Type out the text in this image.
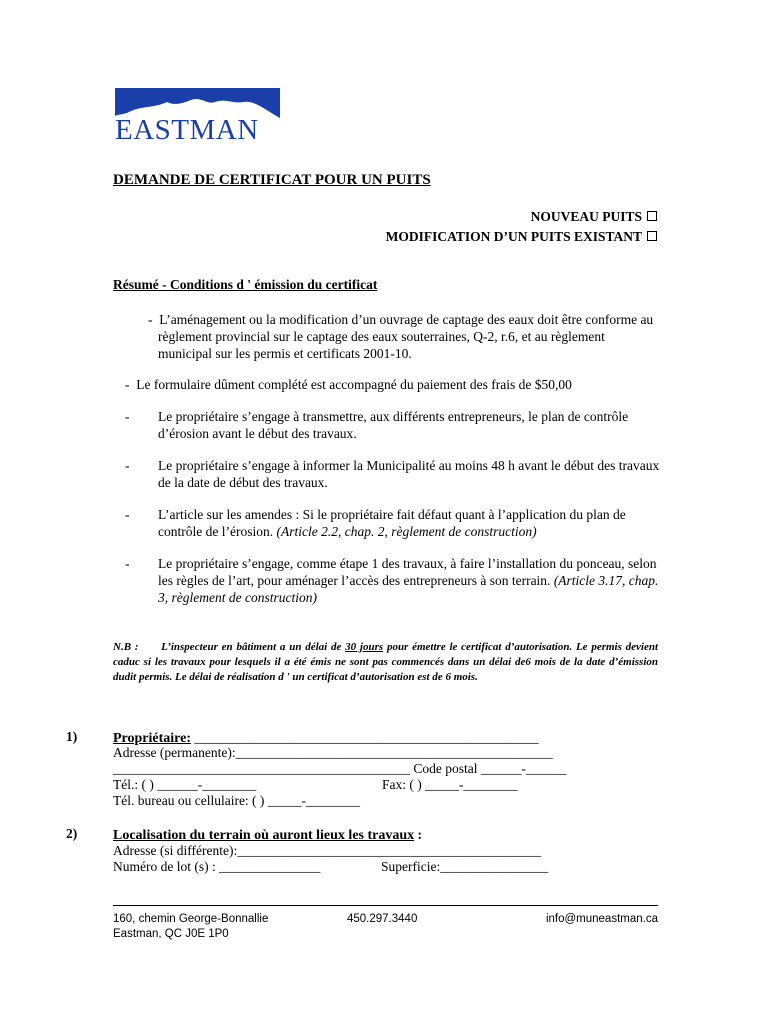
EASTMAN
DEMANDE DE CERTIFICAT POUR UN PUITS
NOUVEAU PUITS
MODIFICATION D’UN PUITS EXISTANT
Résumé - Conditions d ' émission du certificat
- L’aménagement ou la modification d’un ouvrage de captage des eaux doit être conforme au règlement provincial sur le captage des eaux souterraines, Q-2, r.6, et au règlement municipal sur les permis et certificats 2001-10.
- Le formulaire dûment complété est accompagné du paiement des frais de $50,00
- Le propriétaire s’engage à transmettre, aux différents entrepreneurs, le plan de contrôle d’érosion avant le début des travaux.
- Le propriétaire s’engage à informer la Municipalité au moins 48 h avant le début des travaux de la date de début des travaux.
- L’article sur les amendes : Si le propriétaire fait défaut quant à l’application du plan de contrôle de l’érosion. (Article 2.2, chap. 2, règlement de construction)
- Le propriétaire s’engage, comme étape 1 des travaux, à faire l’installation du ponceau, selon les règles de l’art, pour aménager l’accès des entrepreneurs à son terrain. (Article 3.17, chap. 3, règlement de construction)
N.B : L’inspecteur en bâtiment a un délai de 30 jours pour émettre le certificat d’autorisation. Le permis devient caduc si les travaux pour lesquels il a été émis ne sont pas commencés dans un délai de6 mois de la date d’émission dudit permis. Le délai de réalisation d ' un certificat d’autorisation est de 6 mois.
1)	Propriétaire: ___________________________________________________
Adresse (permanente):_______________________________________________
____________________________________________ Code postal ______-______
Tél.: ( ) ______-________	Fax: ( ) _____-________
Tél. bureau ou cellulaire: ( ) _____-________
2)	Localisation du terrain où auront lieux les travaux :
Adresse (si différente):_____________________________________________
Numéro de lot (s) : _______________	Superficie:________________
160, chemin George-Bonnallie
Eastman, QC J0E 1P0
450.297.3440	info@muneastman.ca
